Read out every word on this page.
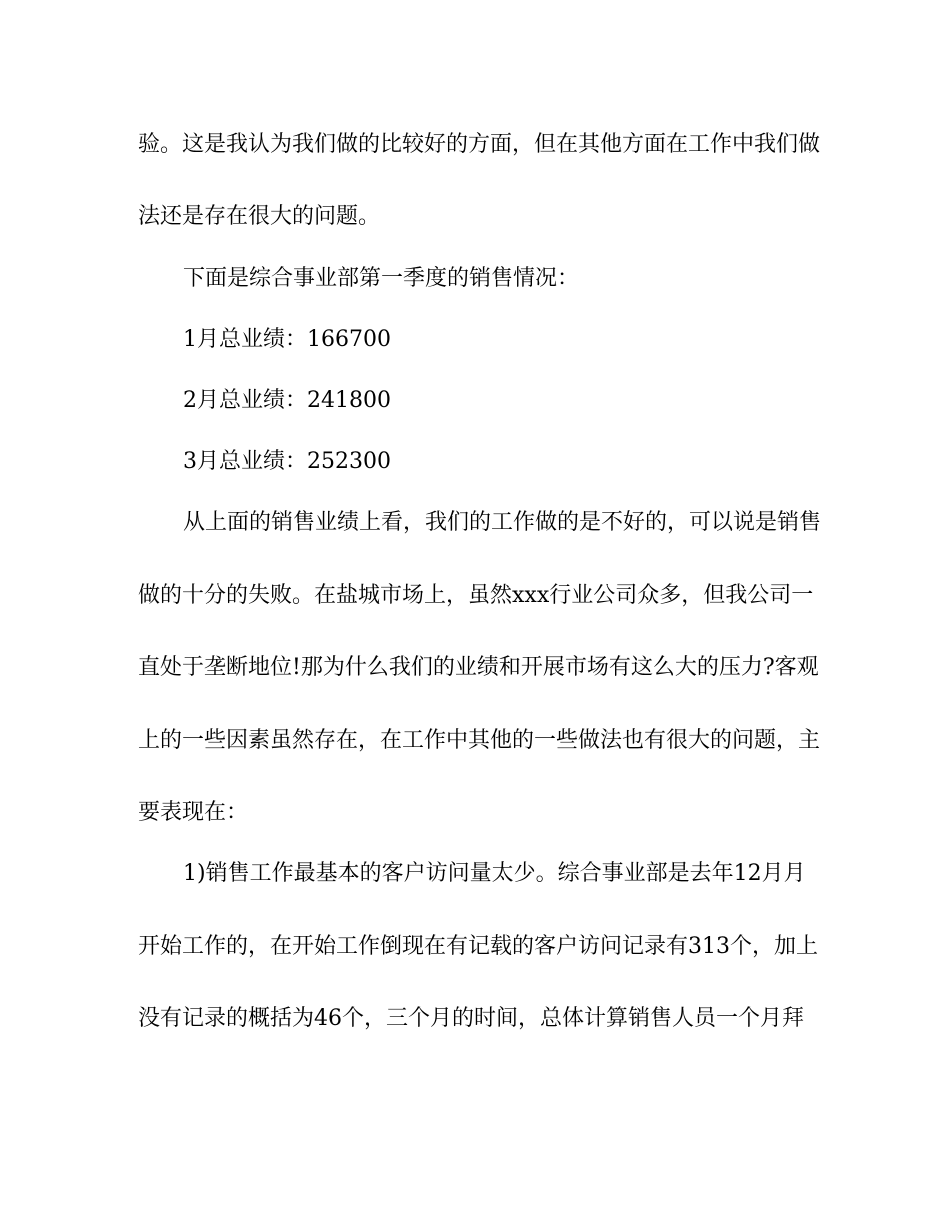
验。这是我认为我们做的比较好的方面，但在其他方面在工作中我们做
法还是存在很大的问题。
下面是综合事业部第一季度的销售情况：
1月总业绩：166700
2月总业绩：241800
3月总业绩：252300
从上面的销售业绩上看，我们的工作做的是不好的，可以说是销售
做的十分的失败。在盐城市场上，虽然xxx行业公司众多，但我公司一
直处于垄断地位!那为什么我们的业绩和开展市场有这么大的压力?客观
上的一些因素虽然存在，在工作中其他的一些做法也有很大的问题，主
要表现在：
1)销售工作最基本的客户访问量太少。综合事业部是去年12月月
开始工作的，在开始工作倒现在有记载的客户访问记录有313个，加上
没有记录的概括为46个，三个月的时间，总体计算销售人员一个月拜
